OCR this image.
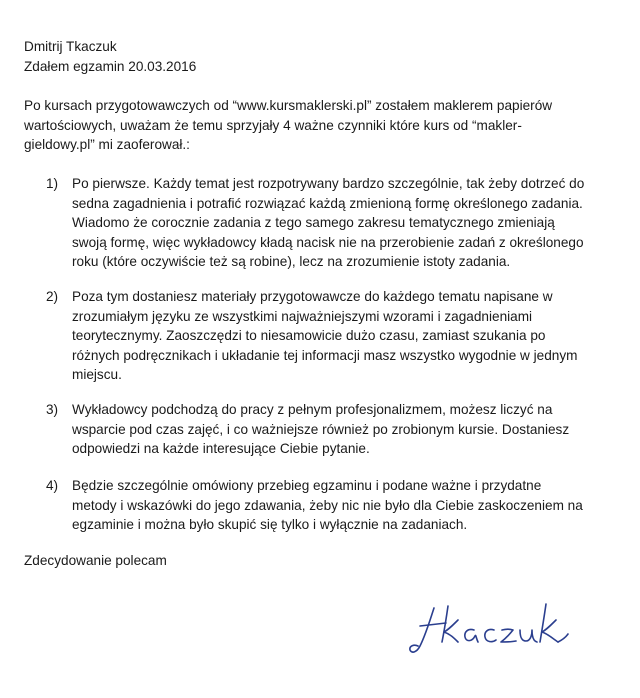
Dmitrij Tkaczuk
Zdałem egzamin 20.03.2016
Po kursach przygotowawczych od “www.kursmaklerski.pl” zostałem maklerem papierów
wartościowych, uważam że temu sprzyjały 4 ważne czynniki które kurs od “makler-
gieldowy.pl” mi zaoferował.:
1) Po pierwsze. Każdy temat jest rozpotrywany bardzo szczególnie, tak żeby dotrzeć do
sedna zagadnienia i potrafić rozwiązać każdą zmienioną formę określonego zadania.
Wiadomo że corocznie zadania z tego samego zakresu tematycznego zmieniają
swoją formę, więc wykładowcy kładą nacisk nie na przerobienie zadań z określonego
roku (które oczywiście też są robine), lecz na zrozumienie istoty zadania.
2) Poza tym dostaniesz materiały przygotowawcze do każdego tematu napisane w
zrozumiałym języku ze wszystkimi najważniejszymi wzorami i zagadnieniami
teorytecznymy. Zaoszczędzi to niesamowicie dużo czasu, zamiast szukania po
różnych podręcznikach i układanie tej informacji masz wszystko wygodnie w jednym
miejscu.
3) Wykładowcy podchodzą do pracy z pełnym profesjonalizmem, możesz liczyć na
wsparcie pod czas zajęć, i co ważniejsze również po zrobionym kursie. Dostaniesz
odpowiedzi na każde interesujące Ciebie pytanie.
4) Będzie szczególnie omówiony przebieg egzaminu i podane ważne i przydatne
metody i wskazówki do jego zdawania, żeby nic nie było dla Ciebie zaskoczeniem na
egzaminie i można było skupić się tylko i wyłącznie na zadaniach.
Zdecydowanie polecam
